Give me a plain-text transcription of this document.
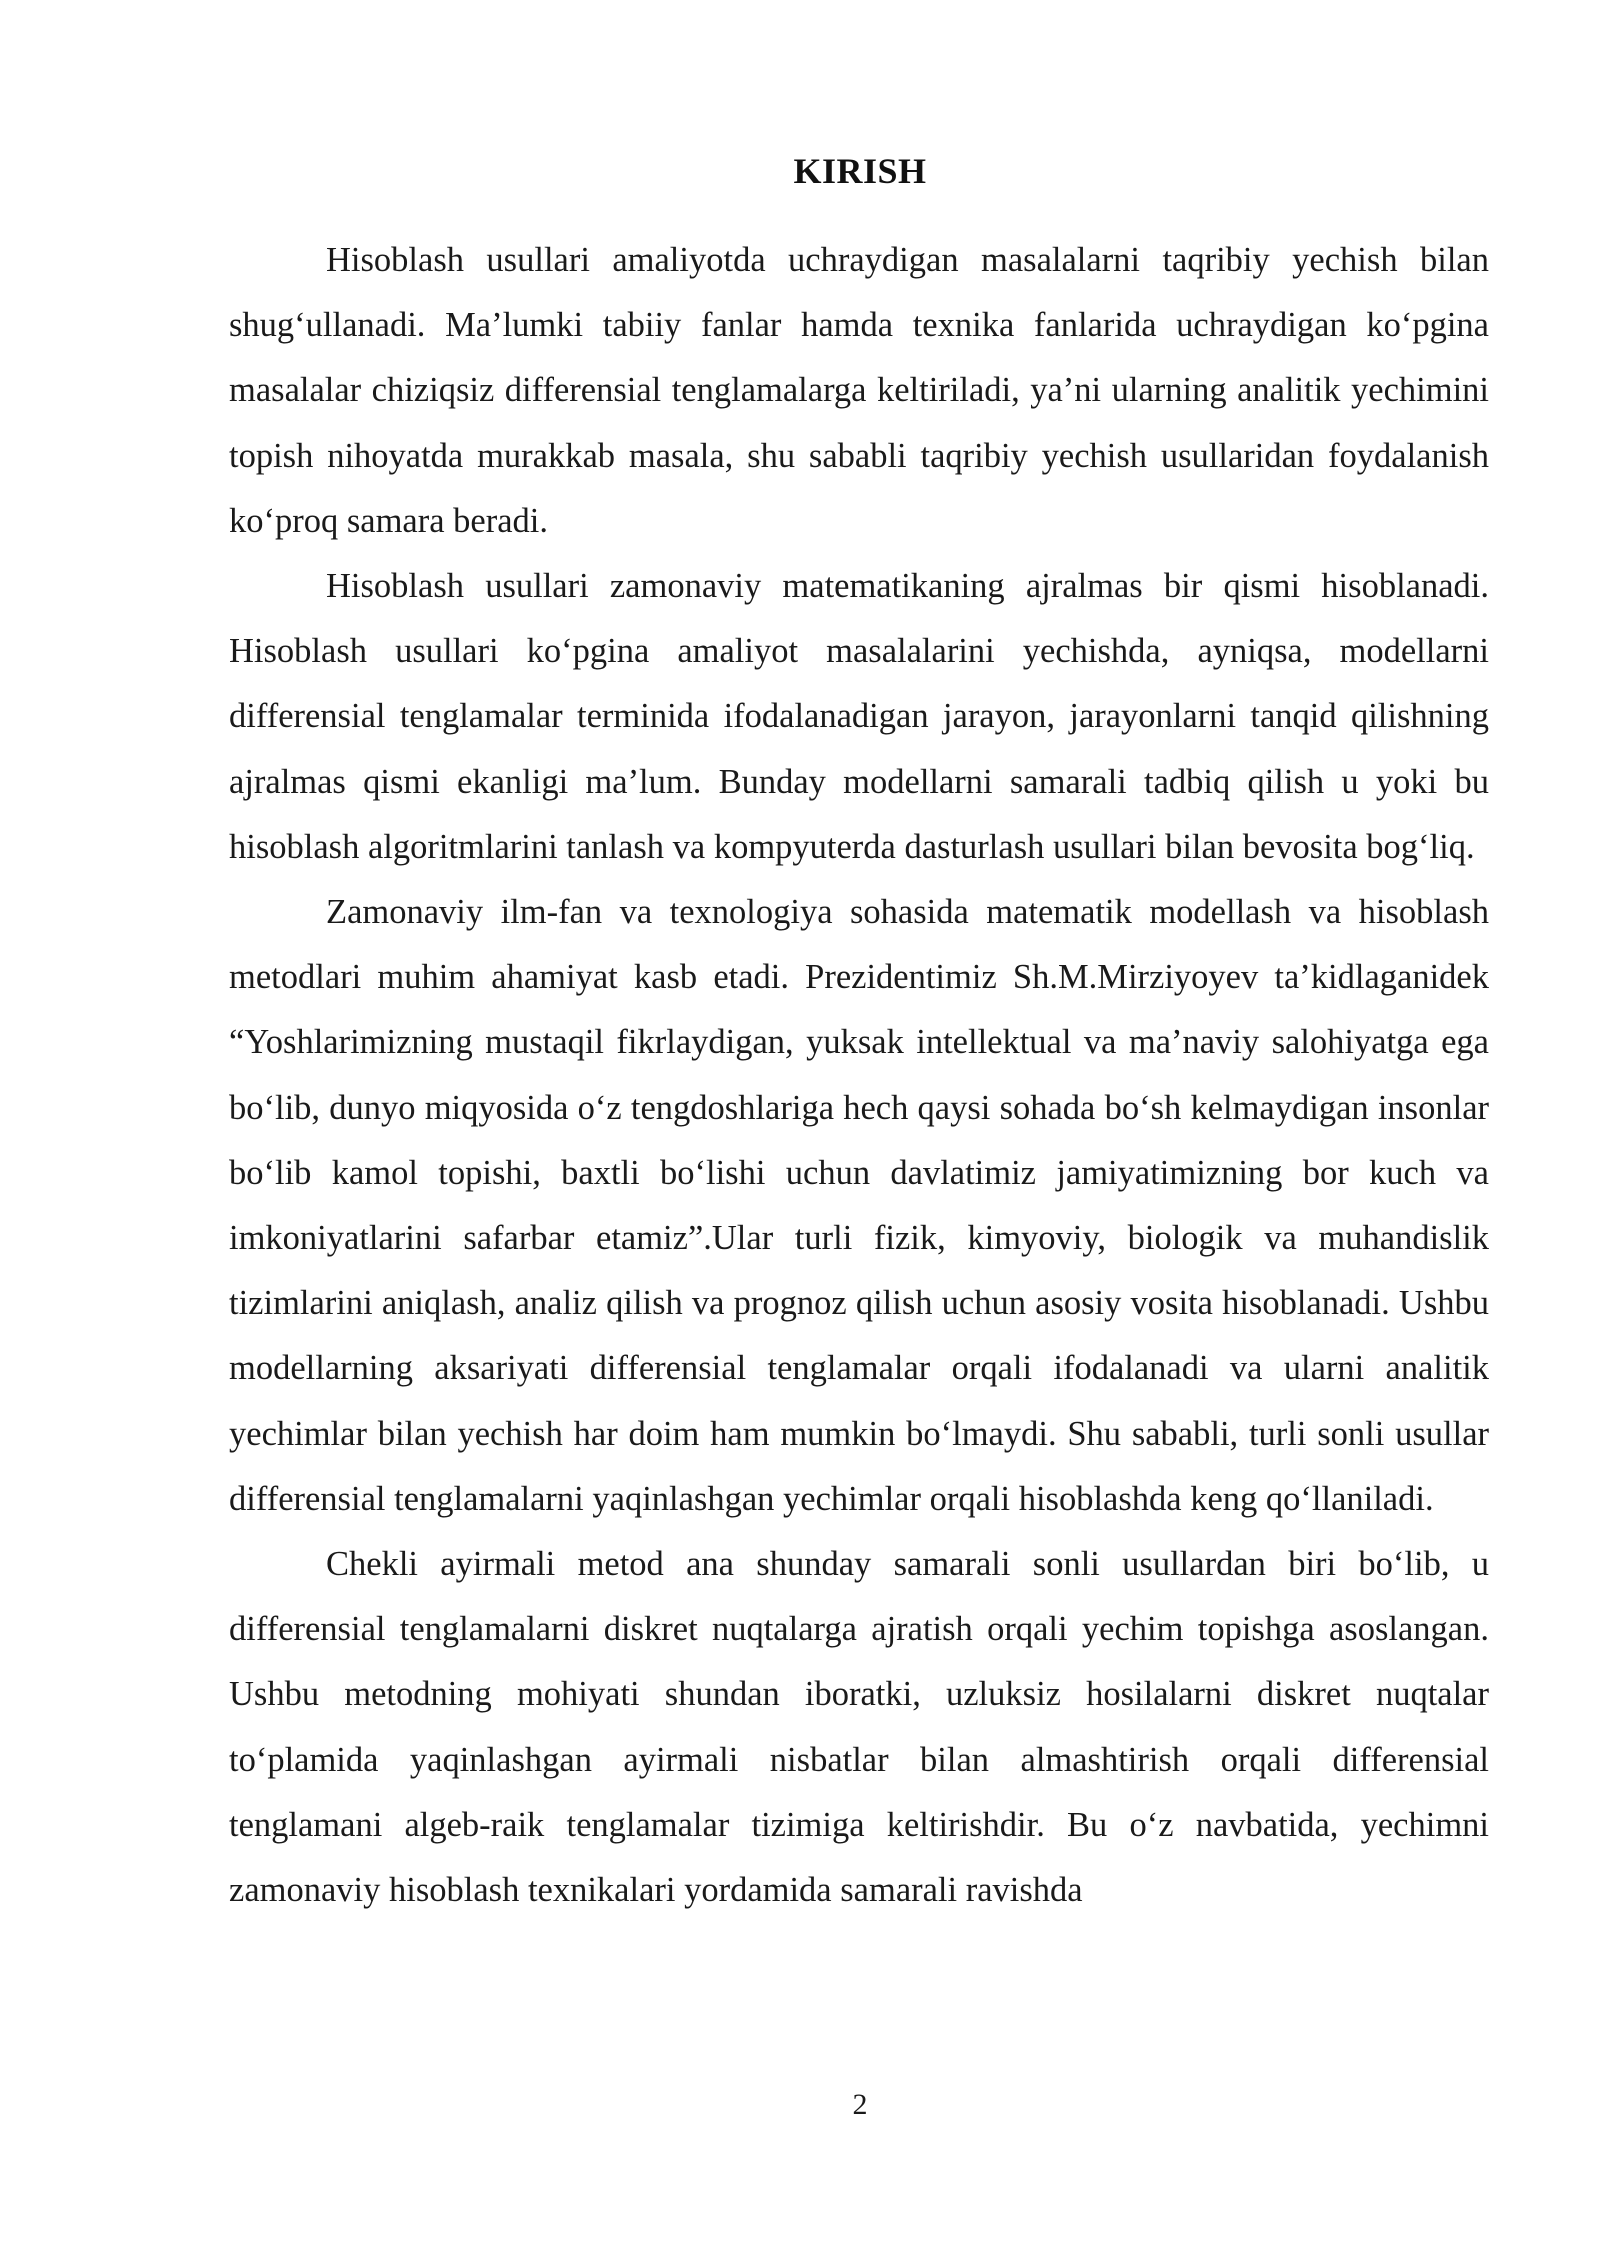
KIRISH

Hisoblash usullari amaliyotda uchraydigan masalalarni taqribiy yechish bilan shug‘ullanadi. Ma’lumki tabiiy fanlar hamda texnika fanlarida uchraydigan ko‘pgina masalalar chiziqsiz differensial tenglamalarga keltiriladi, ya’ni ularning analitik yechimini topish nihoyatda murakkab masala, shu sababli taqribiy yechish usullaridan foydalanish ko‘proq samara beradi.

Hisoblash usullari zamonaviy matematikaning ajralmas bir qismi hisoblanadi. Hisoblash usullari ko‘pgina amaliyot masalalarini yechishda, ayniqsa, modellarni differensial tenglamalar terminida ifodalanadigan jarayon, jarayonlarni tanqid qilishning ajralmas qismi ekanligi ma’lum. Bunday modellarni samarali tadbiq qilish u yoki bu hisoblash algoritmlarini tanlash va kompyuterda dasturlash usullari bilan bevosita bog‘liq.

Zamonaviy ilm-fan va texnologiya sohasida matematik modellash va hisoblash metodlari muhim ahamiyat kasb etadi. Prezidentimiz Sh.M.Mirziyoyev ta’kidlaganidek “Yoshlarimizning mustaqil fikrlaydigan, yuksak intellektual va ma’naviy salohiyatga ega bo‘lib, dunyo miqyosida o‘z tengdoshlariga hech qaysi sohada bo‘sh kelmaydigan insonlar bo‘lib kamol topishi, baxtli bo‘lishi uchun davlatimiz jamiyatimizning bor kuch va imkoniyatlarini safarbar etamiz”.Ular turli fizik, kimyoviy, biologik va muhandislik tizimlarini aniqlash, analiz qilish va prognoz qilish uchun asosiy vosita hisoblanadi. Ushbu modellarning aksariyati differensial tenglamalar orqali ifodalanadi va ularni analitik yechimlar bilan yechish har doim ham mumkin bo‘lmaydi. Shu sababli, turli sonli usullar differensial tenglamalarni yaqinlashgan yechimlar orqali hisoblashda keng qo‘llaniladi.

Chekli ayirmali metod ana shunday samarali sonli usullardan biri bo‘lib, u differensial tenglamalarni diskret nuqtalarga ajratish orqali yechim topishga asoslangan. Ushbu metodning mohiyati shundan iboratki, uzluksiz hosilalarni diskret nuqtalar to‘plamida yaqinlashgan ayirmali nisbatlar bilan almashtirish orqali differensial tenglamani algeb-raik tenglamalar tizimiga keltirishdir. Bu o‘z navbatida, yechimni zamonaviy hisoblash texnikalari yordamida samarali ravishda

2
